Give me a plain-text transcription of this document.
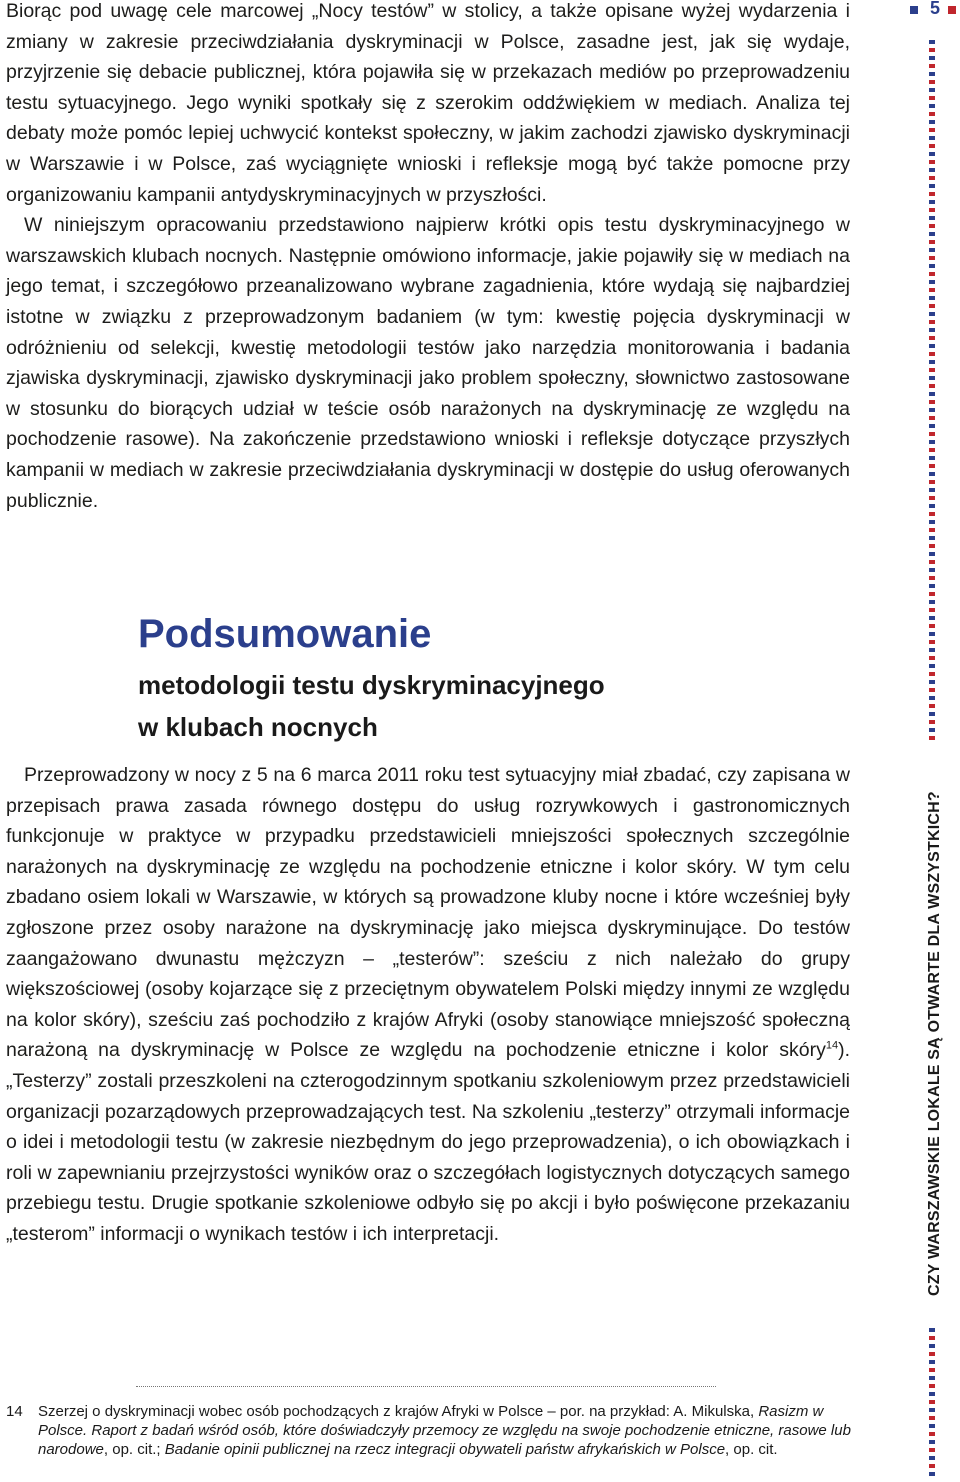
5
CZY WARSZAWSKIE LOKALE SĄ OTWARTE DLA WSZYSTKICH?

Biorąc pod uwagę cele marcowej „Nocy testów” w stolicy, a także opisane wyżej wydarzenia i zmiany w zakresie przeciwdziałania dyskryminacji w Polsce, zasadne jest, jak się wydaje, przyjrzenie się debacie publicznej, która pojawiła się w przekazach mediów po przeprowadzeniu testu sytuacyjnego. Jego wyniki spotkały się z szerokim oddźwiękiem w mediach. Analiza tej debaty może pomóc lepiej uchwycić kontekst społeczny, w jakim zachodzi zjawisko dyskryminacji w Warszawie i w Polsce, zaś wyciągnięte wnioski i refleksje mogą być także pomocne przy organizowaniu kampanii antydyskryminacyjnych w przyszłości.

W niniejszym opracowaniu przedstawiono najpierw krótki opis testu dyskryminacyjnego w warszawskich klubach nocnych. Następnie omówiono informacje, jakie pojawiły się w mediach na jego temat, i szczegółowo przeanalizowano wybrane zagadnienia, które wydają się najbardziej istotne w związku z przeprowadzonym badaniem (w tym: kwestię pojęcia dyskryminacji w odróżnieniu od selekcji, kwestię metodologii testów jako narzędzia monitorowania i badania zjawiska dyskryminacji, zjawisko dyskryminacji jako problem społeczny, słownictwo zastosowane w stosunku do biorących udział w teście osób narażonych na dyskryminację ze względu na pochodzenie rasowe). Na zakończenie przedstawiono wnioski i refleksje dotyczące przyszłych kampanii w mediach w zakresie przeciwdziałania dyskryminacji w dostępie do usług oferowanych publicznie.

Podsumowanie
metodologii testu dyskryminacyjnego
w klubach nocnych

Przeprowadzony w nocy z 5 na 6 marca 2011 roku test sytuacyjny miał zbadać, czy zapisana w przepisach prawa zasada równego dostępu do usług rozrywkowych i gastronomicznych funkcjonuje w praktyce w przypadku przedstawicieli mniejszości społecznych szczególnie narażonych na dyskryminację ze względu na pochodzenie etniczne i kolor skóry. W tym celu zbadano osiem lokali w Warszawie, w których są prowadzone kluby nocne i które wcześniej były zgłoszone przez osoby narażone na dyskryminację jako miejsca dyskryminujące. Do testów zaangażowano dwunastu mężczyzn – „testerów”: sześciu z nich należało do grupy większościowej (osoby kojarzące się z przeciętnym obywatelem Polski między innymi ze względu na kolor skóry), sześciu zaś pochodziło z krajów Afryki (osoby stanowiące mniejszość społeczną narażoną na dyskryminację w Polsce ze względu na pochodzenie etniczne i kolor skóry$^{14}$). „Testerzy” zostali przeszkoleni na czterogodzinnym spotkaniu szkoleniowym przez przedstawicieli organizacji pozarządowych przeprowadzających test. Na szkoleniu „testerzy” otrzymali informacje o idei i metodologii testu (w zakresie niezbędnym do jego przeprowadzenia), o ich obowiązkach i roli w zapewnianiu przejrzystości wyników oraz o szczegółach logistycznych dotyczących samego przebiegu testu. Drugie spotkanie szkoleniowe odbyło się po akcji i było poświęcone przekazaniu „testerom” informacji o wynikach testów i ich interpretacji.

14 Szerzej o dyskryminacji wobec osób pochodzących z krajów Afryki w Polsce – por. na przykład: A. Mikulska, Rasizm w Polsce. Raport z badań wśród osób, które doświadczyły przemocy ze względu na swoje pochodzenie etniczne, rasowe lub narodowe, op. cit.; Badanie opinii publicznej na rzecz integracji obywateli państw afrykańskich w Polsce, op. cit.
